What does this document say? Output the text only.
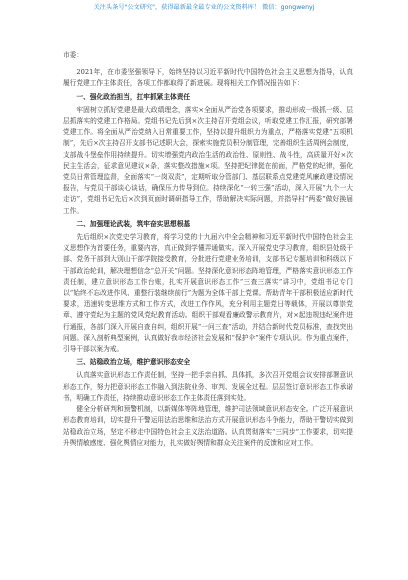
关注头条号"公文研究"，获得最新最全最专业的公文资料库！ 微信：gongwenyj

市委：

2021年，在市委坚强领导下，始终坚持以习近平新时代中国特色社会主义思想为指导，认真履行党建工作主体责任，各项工作都取得了新进展。现将相关工作情况报告如下：

一、强化政治担当，扛牢抓紧主体责任

牢固树立抓好党建是最大政绩理念，落实×全面从严治党各项要求，推动形成一级抓一级、层层抓落实的党建工作格局。党组书记先后到×次主持召开党组会议，听取党建工作汇报，研究部署党建工作。将全面从严治党纳入日常重要工作，坚持以提升组织力为重点，严格落实党建“五项机制”，先后×次主持召开支部书记述职大会，探索实施党员积分制管理，完善组织生活周例会制度，支部战斗堡垒作用持续提升。切实增强党内政治生活的政治性、原则性、战斗性，高质量开好×次民主生活会，征求意见建议×条，落实整改措施×项。坚持把纪律挺在前面，严格党的纪律，强化党员日常管理监督，全面落实“一岗双责”，定期听取分管部门、基层联系点党建党风廉政建设情况报告，与党员干部谈心谈话，确保压力传导到位。持续深化“一转三强”活动，深入开展“九个一大走访”，党组书记先后×次到页面时调研指导工作，帮助解决实际问题，并指导村“两委”做好换届工作。

二、加强理论武装，筑牢奋实思想根基

先后组织×次党史学习教育，将学习党的十九届六中全会精神和习近平新时代中国特色社会主义思想作为首要任务，重要内容，真正做到学懂弄通做实。深入开展党史学习教育，组织县处级干部、党务干部到大别山干部学院接受教育，分批进行党建业务培训，支部书记专题培训和科级以下干部政治轮训，解决理想信念“总开关”问题。坚持深化意识形态阵地管理，严格落实意识形态工作责任制，建立意识形态工作台账，扎实开展意识形态工作“三查三落实”讲习中，党组书记专门以“始终不忘改进作风、重整行装继续前行”为题为全体干部上党课。帮助青年干部积极适应新时代要求，迅速转变思维方式和工作方式，改进工作作风，充分利用主题党日等载体，开展以尊崇党章、遵守党纪为主题的党风党纪教育活动。组织干部观看廉政警示教育片，对×起违规违纪案件进行通报，各部门深入开展自查自纠，组织开展“一问三查”活动，并结合新时代党员标准，查找突出问题。深入剖析典型案例，认真做好我市经济社会发展和“保护伞”案件专项认识。作为重点案件，引导干部以案为戒。

三、站稳政治立场，维护意识形态安全

认真落实意识形态工作责任制，坚持一把手亲自抓、具体抓，多次召开党组会议安排部署意识形态工作，努力把意识形态工作融入到法院业务、审判、发展全过程。层层签订意识形态工作承诺书，明确工作责任，持续推动意识形态工作主体责任落到实处。

健全分析研判和预警机制，以新媒体等阵地管理，维护司法领域意识形态安全。广泛开展意识形态教育培训，切实提升干警运用法治思维和法治方式开展意识形态斗争能力，帮助干警切实做到站稳政治立场，坚定不移走中国特色社会主义法治道路。认真贯彻落实“三同步”工作要求，切实提升舆情敏感度、强化舆情应对能力，扎实做好舆情和群众关注案件的反馈和应对工作。
